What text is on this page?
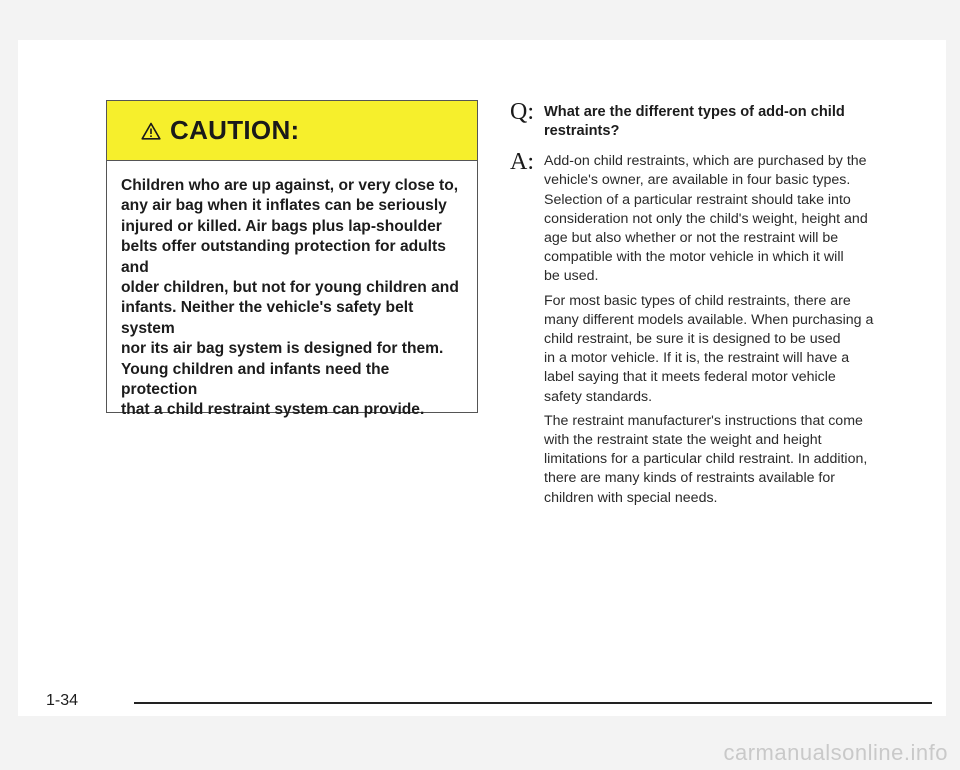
CAUTION:
Children who are up against, or very close to,
any air bag when it inflates can be seriously
injured or killed. Air bags plus lap-shoulder
belts offer outstanding protection for adults and
older children, but not for young children and
infants. Neither the vehicle's safety belt system
nor its air bag system is designed for them.
Young children and infants need the protection
that a child restraint system can provide.
Q: What are the different types of add-on child
restraints?
A: Add-on child restraints, which are purchased by the
vehicle's owner, are available in four basic types.
Selection of a particular restraint should take into
consideration not only the child's weight, height and
age but also whether or not the restraint will be
compatible with the motor vehicle in which it will
be used.
For most basic types of child restraints, there are
many different models available. When purchasing a
child restraint, be sure it is designed to be used
in a motor vehicle. If it is, the restraint will have a
label saying that it meets federal motor vehicle
safety standards.
The restraint manufacturer's instructions that come
with the restraint state the weight and height
limitations for a particular child restraint. In addition,
there are many kinds of restraints available for
children with special needs.
1-34
carmanualsonline.info
